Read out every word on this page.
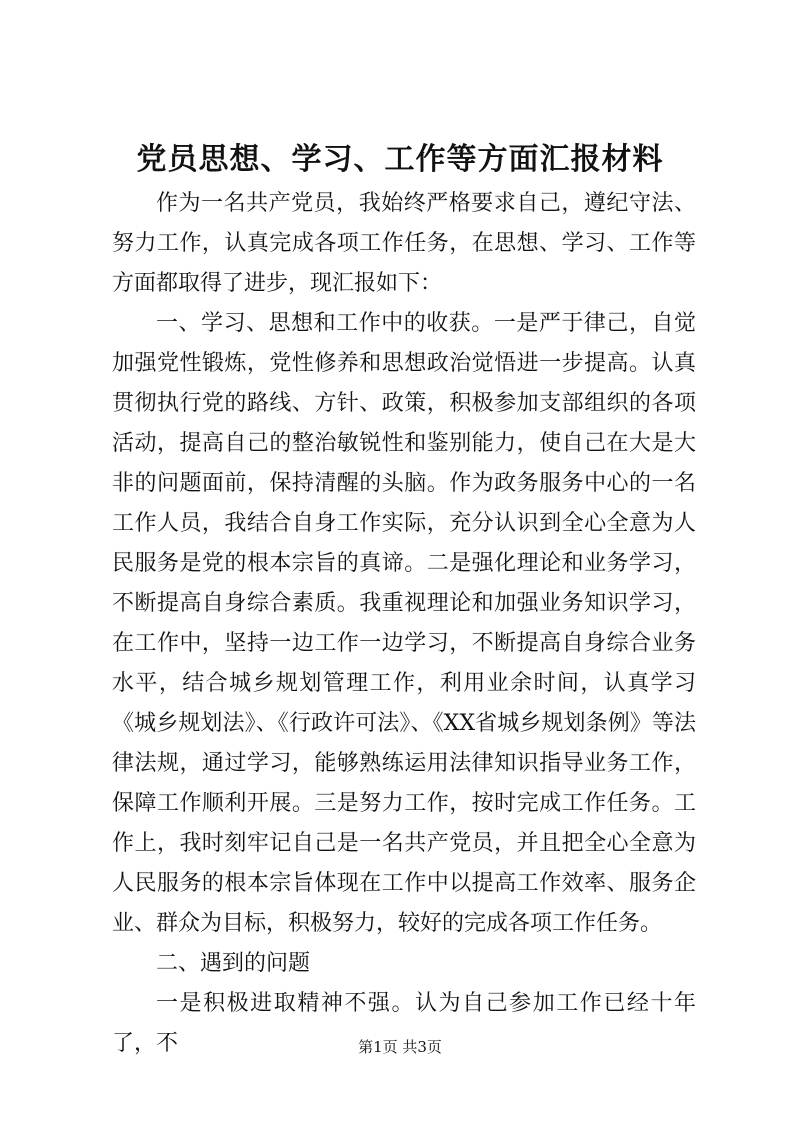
党员思想、学习、工作等方面汇报材料

作为一名共产党员，我始终严格要求自己，遵纪守法、努力工作，认真完成各项工作任务，在思想、学习、工作等方面都取得了进步，现汇报如下：

一、学习、思想和工作中的收获。一是严于律己，自觉加强党性锻炼，党性修养和思想政治觉悟进一步提高。认真贯彻执行党的路线、方针、政策，积极参加支部组织的各项活动，提高自己的整治敏锐性和鉴别能力，使自己在大是大非的问题面前，保持清醒的头脑。作为政务服务中心的一名工作人员，我结合自身工作实际，充分认识到全心全意为人民服务是党的根本宗旨的真谛。二是强化理论和业务学习，不断提高自身综合素质。我重视理论和加强业务知识学习，在工作中，坚持一边工作一边学习，不断提高自身综合业务水平，结合城乡规划管理工作，利用业余时间，认真学习《城乡规划法》、《行政许可法》、《XX省城乡规划条例》等法律法规，通过学习，能够熟练运用法律知识指导业务工作，保障工作顺利开展。三是努力工作，按时完成工作任务。工作上，我时刻牢记自己是一名共产党员，并且把全心全意为人民服务的根本宗旨体现在工作中以提高工作效率、服务企业、群众为目标，积极努力，较好的完成各项工作任务。

二、遇到的问题

一是积极进取精神不强。认为自己参加工作已经十年了，不	第1页 共3页
